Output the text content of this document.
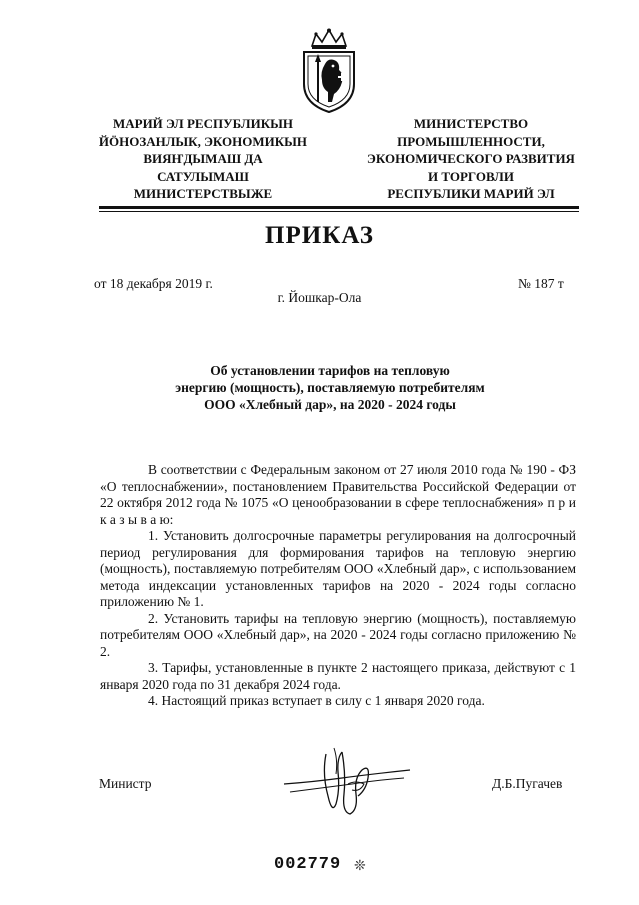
МАРИЙ ЭЛ РЕСПУБЛИКЫН
ЙӦНОЗАНЛЫК, ЭКОНОМИКЫН
ВИЯҤДЫМАШ ДА
САТУЛЫМАШ
МИНИСТЕРСТВЫЖЕ
МИНИСТЕРСТВО
ПРОМЫШЛЕННОСТИ,
ЭКОНОМИЧЕСКОГО РАЗВИТИЯ
И ТОРГОВЛИ
РЕСПУБЛИКИ МАРИЙ ЭЛ
ПРИКАЗ
от 18 декабря 2019 г.	№ 187 т
г. Йошкар-Ола
Об установлении тарифов на тепловую
энергию (мощность), поставляемую потребителям
ООО «Хлебный дар», на 2020 - 2024 годы

В соответствии с Федеральным законом от 27 июля 2010 года № 190 - ФЗ «О теплоснабжении», постановлением Правительства Российской Федерации от 22 октября 2012 года № 1075 «О ценообразовании в сфере теплоснабжения» п р и к а з ы в а ю:

1. Установить долгосрочные параметры регулирования на долгосрочный период регулирования для формирования тарифов на тепловую энергию (мощность), поставляемую потребителям ООО «Хлебный дар», с использованием метода индексации установленных тарифов на 2020 - 2024 годы согласно приложению № 1.

2. Установить тарифы на тепловую энергию (мощность), поставляемую потребителям ООО «Хлебный дар», на 2020 - 2024 годы согласно приложению № 2.

3. Тарифы, установленные в пункте 2 настоящего приказа, действуют с 1 января 2020 года по 31 декабря 2024 года.

4. Настоящий приказ вступает в силу с 1 января 2020 года.

Министр	Д.Б.Пугачев
002779 ❊
